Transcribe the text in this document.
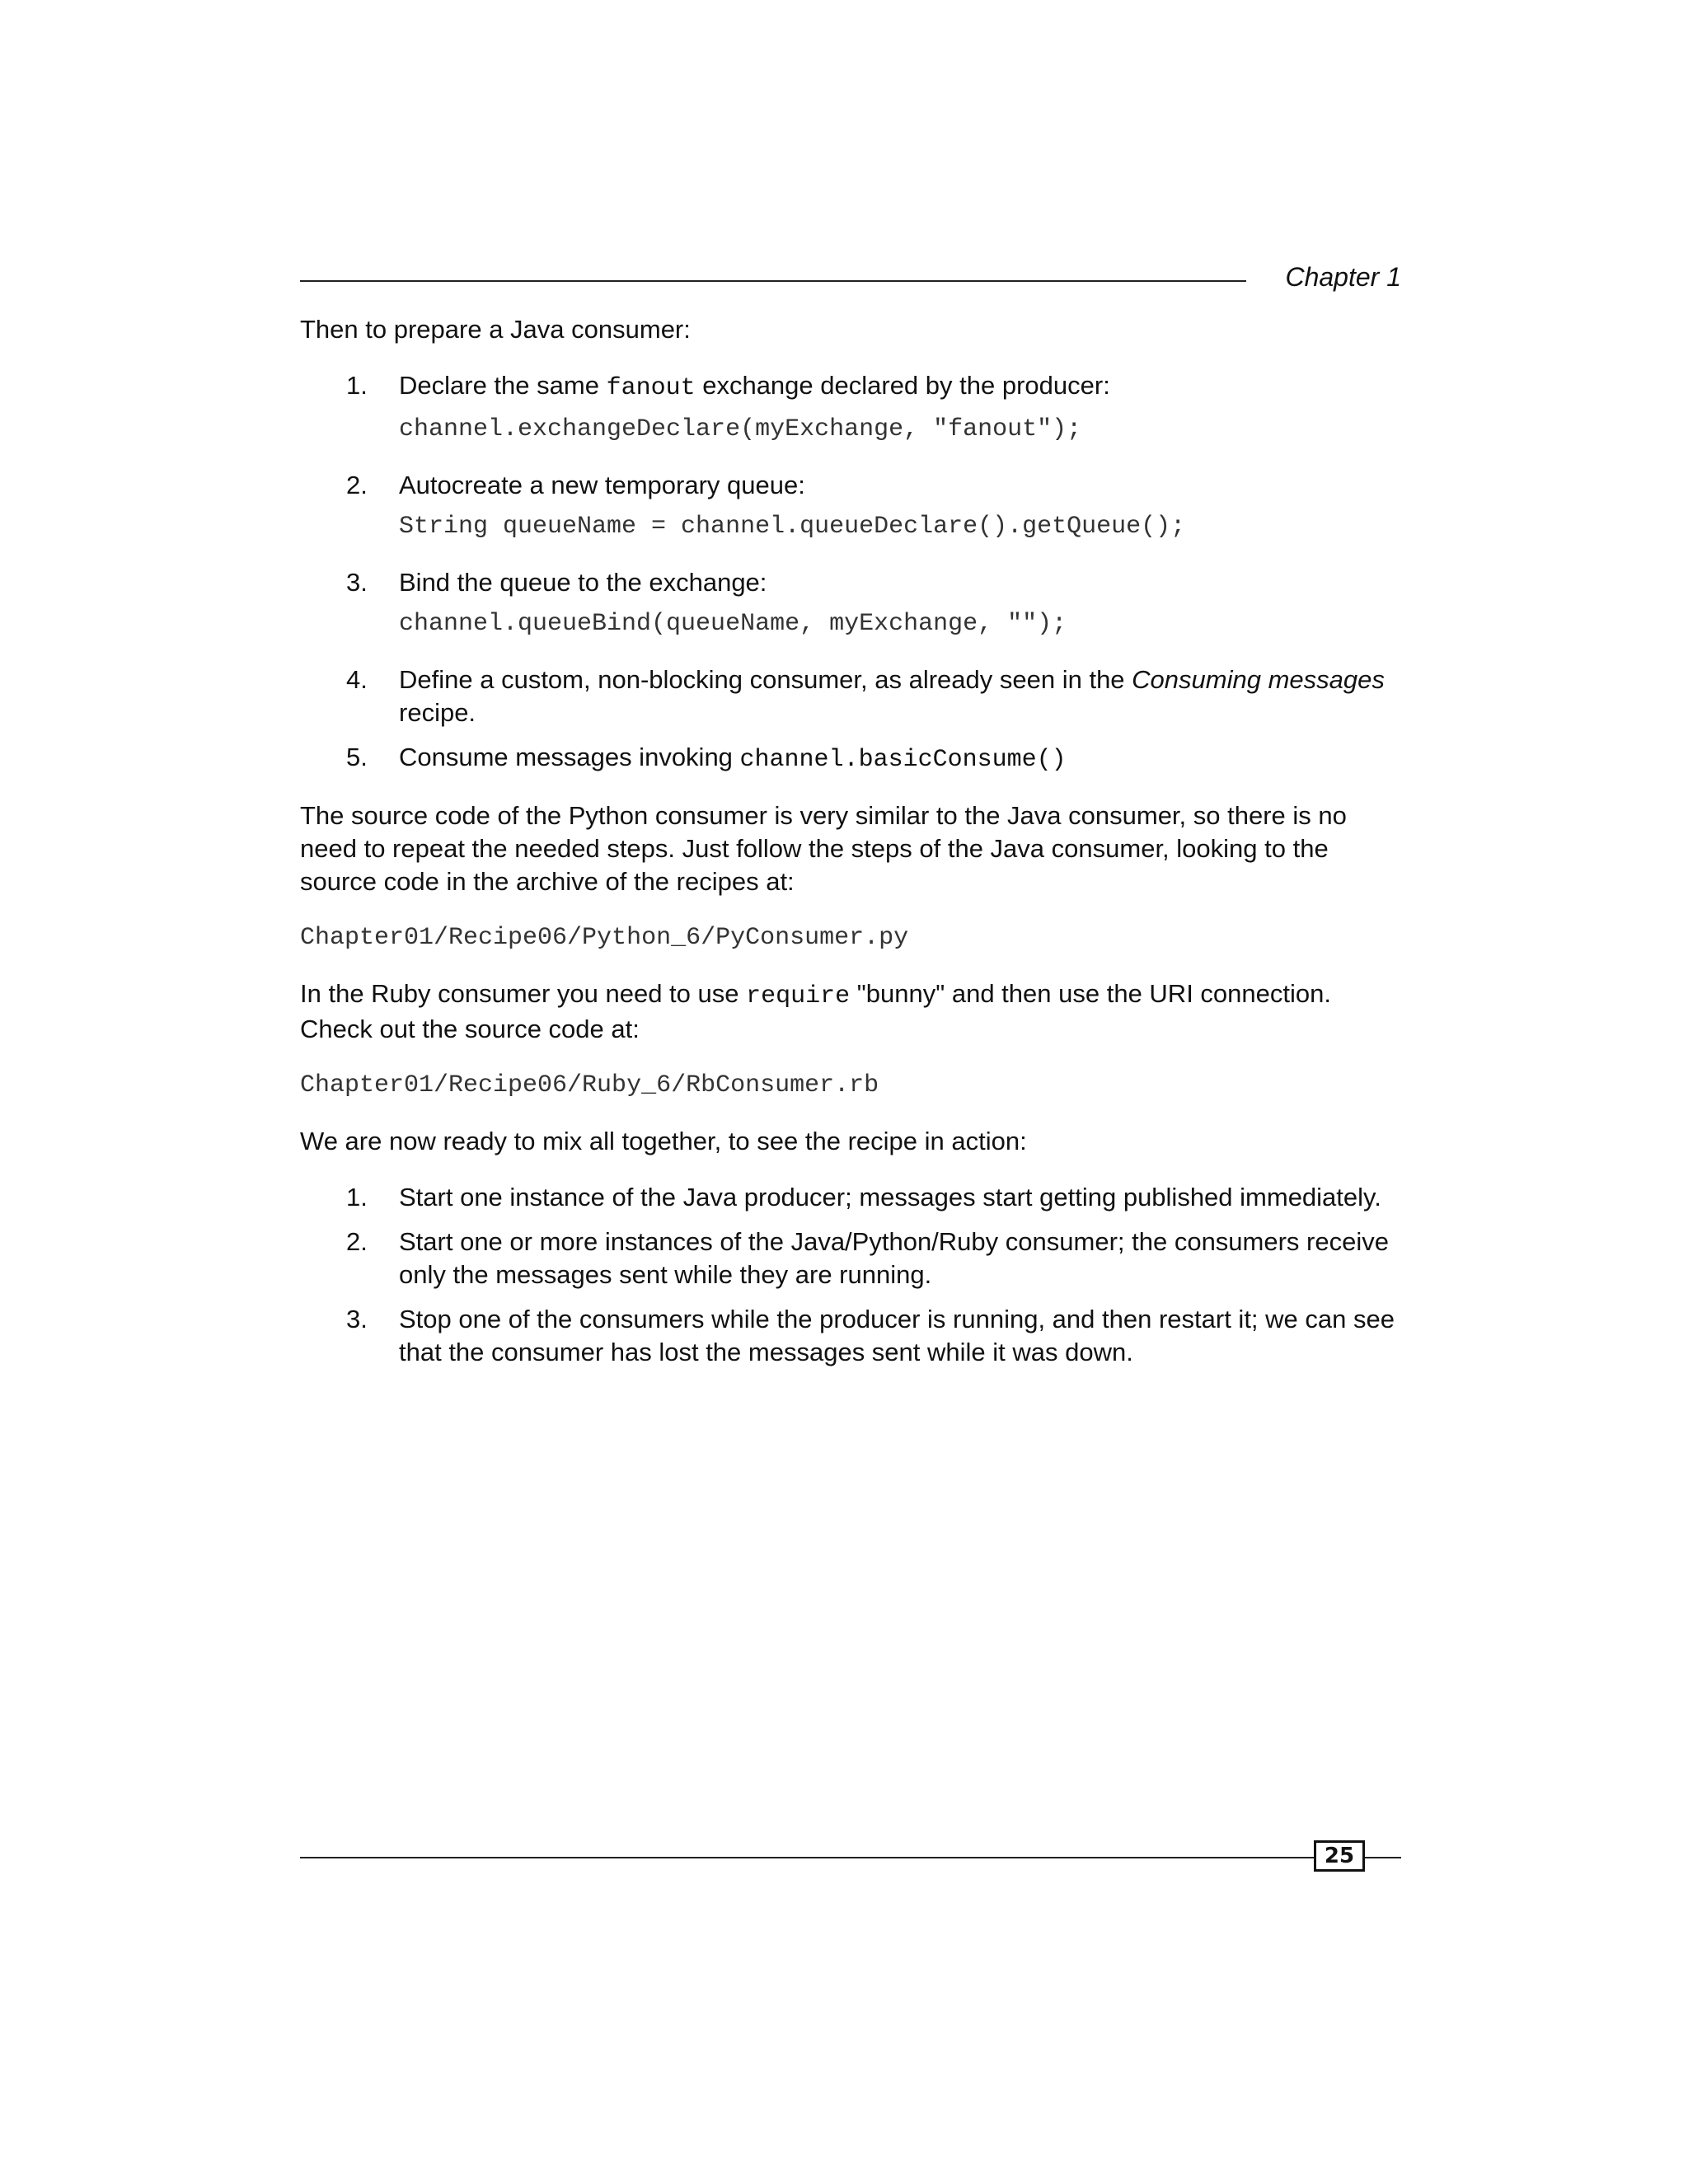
Chapter 1

Then to prepare a Java consumer:

1. Declare the same fanout exchange declared by the producer:
channel.exchangeDeclare(myExchange, "fanout");
2. Autocreate a new temporary queue:
String queueName = channel.queueDeclare().getQueue();
3. Bind the queue to the exchange:
channel.queueBind(queueName, myExchange, "");
4. Define a custom, non-blocking consumer, as already seen in the Consuming messages recipe.
5. Consume messages invoking channel.basicConsume()

The source code of the Python consumer is very similar to the Java consumer, so there is no need to repeat the needed steps. Just follow the steps of the Java consumer, looking to the source code in the archive of the recipes at:

Chapter01/Recipe06/Python_6/PyConsumer.py

In the Ruby consumer you need to use require "bunny" and then use the URI connection. Check out the source code at:

Chapter01/Recipe06/Ruby_6/RbConsumer.rb

We are now ready to mix all together, to see the recipe in action:

1. Start one instance of the Java producer; messages start getting published immediately.
2. Start one or more instances of the Java/Python/Ruby consumer; the consumers receive only the messages sent while they are running.
3. Stop one of the consumers while the producer is running, and then restart it; we can see that the consumer has lost the messages sent while it was down.
25
